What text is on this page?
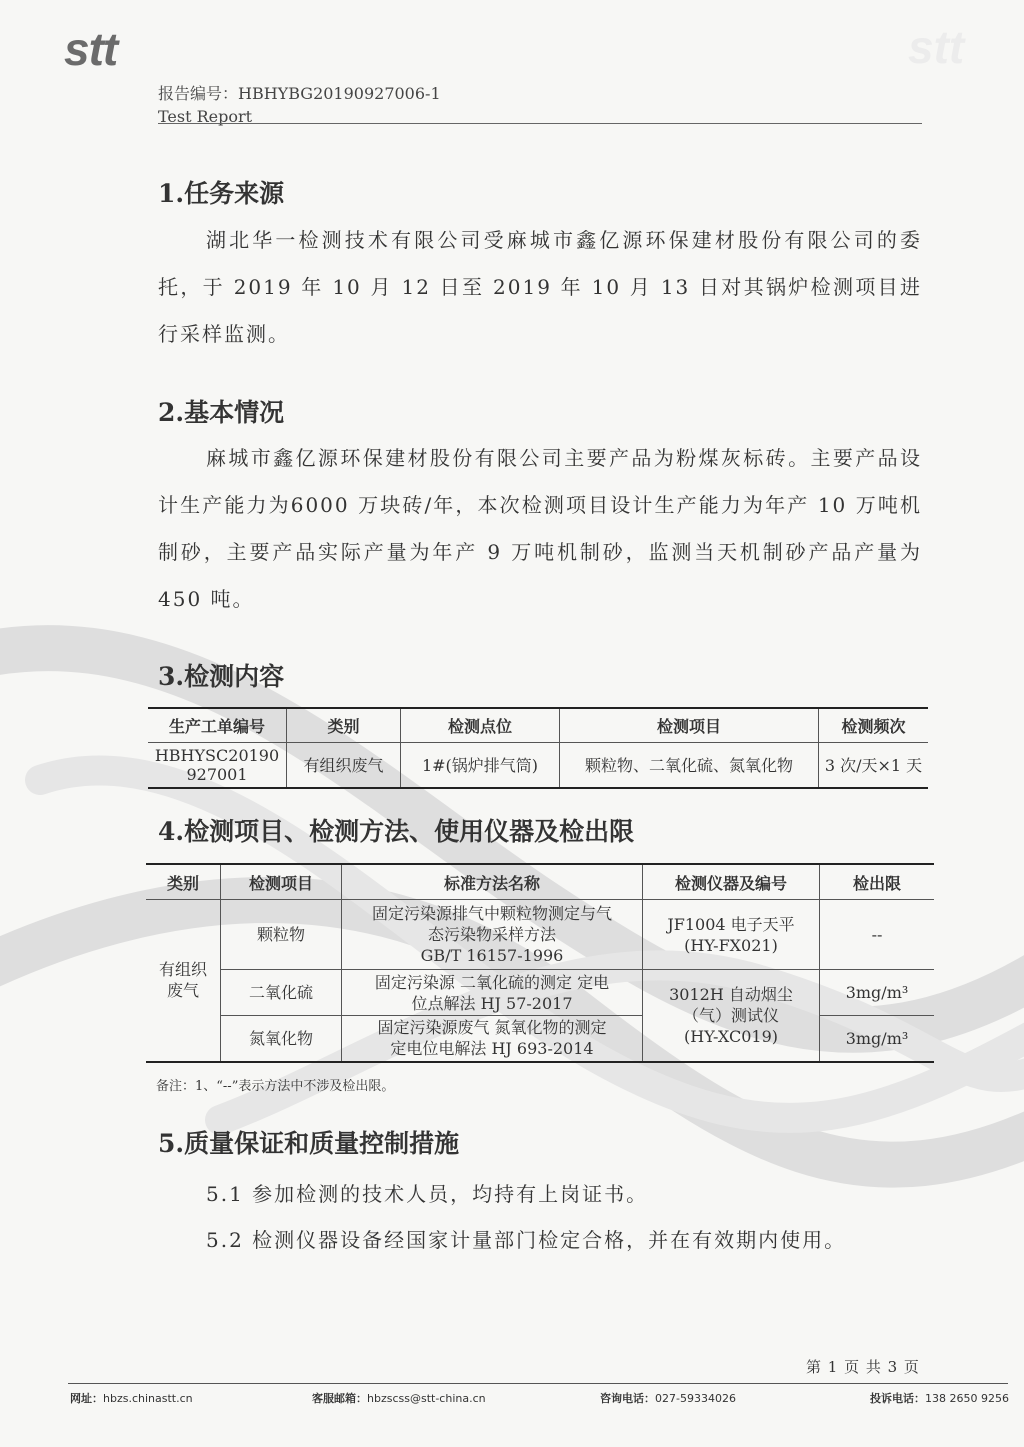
stt	stt
报告编号：HBHYBG20190927006-1
Test Report
1.任务来源

湖北华一检测技术有限公司受麻城市鑫亿源环保建材股份有限公司的委托，于 2019 年 10 月 12 日至 2019 年 10 月 13 日对其锅炉检测项目进行采样监测。

2.基本情况

麻城市鑫亿源环保建材股份有限公司主要产品为粉煤灰标砖。主要产品设计生产能力为6000 万块砖/年，本次检测项目设计生产能力为年产 10 万吨机制砂，主要产品实际产量为年产 9 万吨机制砂，监测当天机制砂产品产量为 450 吨。

3.检测内容
生产工单编号	类别	检测点位	检测项目	检测频次
HBHYSC20190
927001	有组织废气	1#(锅炉排气筒)	颗粒物、二氧化硫、氮氧化物	3 次/天×1 天
4.检测项目、检测方法、使用仪器及检出限
类别	检测项目	标准方法名称	检测仪器及编号	检出限
有组织
废气	颗粒物	固定污染源排气中颗粒物测定与气
态污染物采样方法
GB/T 16157-1996	JF1004 电子天平
(HY-FX021)	--
	二氧化硫	固定污染源 二氧化硫的测定 定电
位点解法 HJ 57-2017	3012H 自动烟尘
（气）测试仪
(HY-XC019)	3mg/m³
	氮氧化物	固定污染源废气 氮氧化物的测定
定电位电解法 HJ 693-2014		3mg/m³
备注：1、“--”表示方法中不涉及检出限。
5.质量保证和质量控制措施

5.1 参加检测的技术人员，均持有上岗证书。

5.2 检测仪器设备经国家计量部门检定合格，并在有效期内使用。

第 1 页 共 3 页
网址：hbzs.chinastt.cn	客服邮箱：hbzscss@stt-china.cn	咨询电话：027-59334026	投诉电话：138 2650 9256
